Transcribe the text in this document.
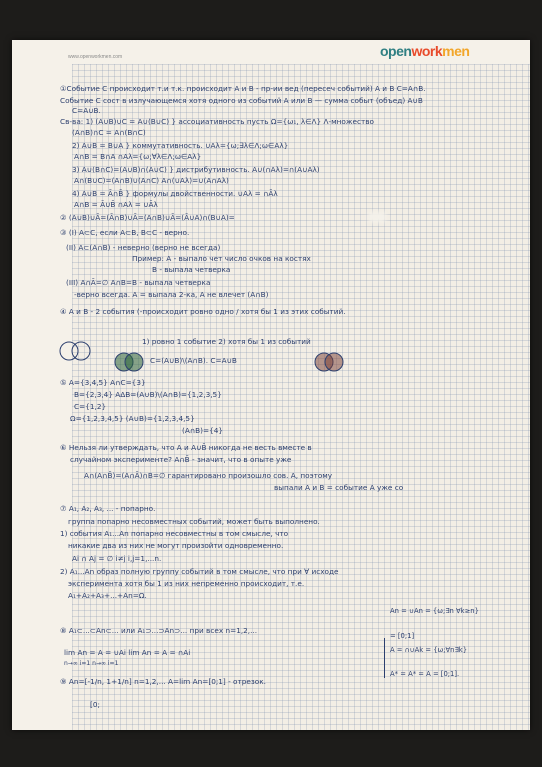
www.openworkmen.com	openworkmen
①Событие С происходит т.и т.к. происходит А и В - пр-ии вед (пересеч событий) А и В C=A∩B.
Событие С сост в излучающемся хотя одного из событий А или В — сумма событ (объед) A∪B
C=A∪B.
Св-ва: 1) (A∪B)∪C = A∪(B∪C) } ассоциативность пусть Ω={ω₁, λ∈Λ} Λ-множество
(A∩B)∩C = A∩(B∩C)
2) A∪B = B∪A } коммутативность. ∪Aλ={ω;∃λ∈Λ;ω∈Aλ}
A∩B = B∩A ∩Aλ={ω;∀λ∈Λ;ω∈Aλ}
3) A∪(B∩C)=(A∪B)∩(A∪C) } дистрибутивность. A∪(∩Aλ)=∩(A∪Aλ)
A∩(B∪C)=(A∩B)∪(A∩C) A∩(∪Aλ)=∪(A∩Aλ)
4) A∪B = Ā∩B̄ } формулы двойственности. ∪Aλ = ∩Āλ
A∩B = Ā∪B̄ ∩Aλ = ∪Āλ
② (A∪B)∪Ā=(Ā∩B)∪Ā=(A∩B)∪Ā=(Ā∪A)∩(B∪A)=
③ (I) A⊂C, если A⊂B, B⊂C - верно.
(II) A⊂(A∩B) - неверно (верно не всегда)
Пример: А - выпало чет число очков на костях
В - выпала четверка
(III) A∩Ā=∅ A∩B=В - выпала четверка
-верно всегда. А = выпала 2-ка, А не влечет (A∩B)
④ А и В - 2 события (-происходит ровно одно / хотя бы 1 из этих событий.
1) ровно 1 событие 2) хотя бы 1 из событий
C=(A∪B)\(A∩B). C=A∪B
⑤ A={3,4,5} A∩C={3}
B={2,3,4} AΔB=(A∪B)\(A∩B)={1,2,3,5}
C={1,2}
Ω={1,2,3,4,5} (A∪B)={1,2,3,4,5}
(A∩B)={4}
⑥ Нельзя ли утверждать, что A и A∪B̄ никогда не весть вместе в
случайном эксперименте? A∩B̄ - значит, что в опыте уже
A∩(A∩B̄)=(A∩Ā)∩B=∅ гарантировано произошло сов. A, поэтому
выпали А и В = событие А уже со
⑦ A₁, A₂, A₃, ... - попарно.
группа попарно несовместных событий, может быть выполнено.
1) события A₁...An попарно несовместны в том смысле, что
никакие два из них не могут произойти одновременно.
Ai ∩ Aj = ∅ i≠j i,j=1,...n.
2) A₁...An образ полную группу событий в том смысле, что при ∀ исходе
эксперимента хотя бы 1 из них непременно происходит, т.е.
A₁+A₂+A₃+...+An=Ω.
⑧ A₁⊂...⊂An⊂... или A₁⊃...⊃An⊃... при всех n=1,2,...
lim An = A = ∪Ai lim An = A = ∩Ai
n→∞ i=1 n→∞ i=1
⑨ An=[-1/n, 1+1/n] n=1,2,... A=lim An=[0;1] - отрезок.
[0;
An = ∪An = {ω;∃n ∀k≥n}
= [0;1]
A = ∩∪Ak = {ω;∀n∃k}
A* = A* = A = [0;1].
